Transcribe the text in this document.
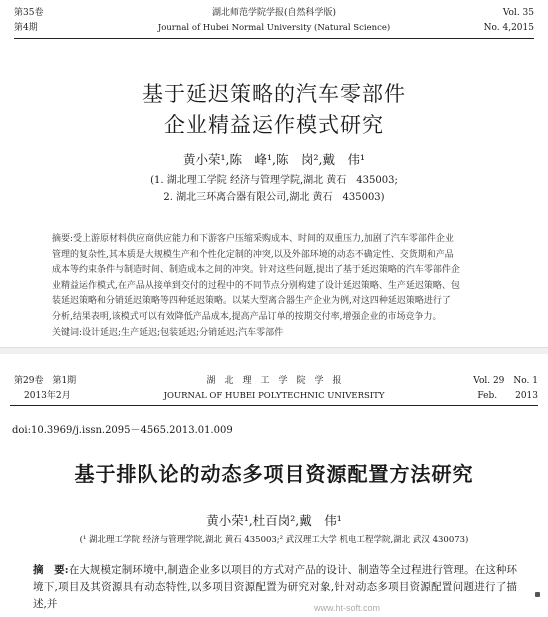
第35卷
第4期
湖北师范学院学报(自然科学版)
Journal of Hubei Normal University (Natural Science)
Vol. 35
No. 4,2015
基于延迟策略的汽车零部件
企业精益运作模式研究
黄小荣¹,陈　峰¹,陈　岗²,戴　伟¹
(1. 湖北理工学院 经济与管理学院,湖北 黄石　435003;
2. 湖北三环离合器有限公司,湖北 黄石　435003)
摘要:受上游原材料供应商供应能力和下游客户压缩采购成本、时间的双重压力,加剧了汽车零部件企业
管理的复杂性,其本质是大规模生产和个性化定制的冲突,以及外部环境的动态不确定性、交货期和产品
成本等约束条件与制造时间、制造成本之间的冲突。针对这些问题,提出了基于延迟策略的汽车零部件企
业精益运作模式,在产品从接单到交付的过程中的不同节点分别构建了设计延迟策略、生产延迟策略、包
装延迟策略和分销延迟策略等四种延迟策略。以某大型离合器生产企业为例,对这四种延迟策略进行了
分析,结果表明,该模式可以有效降低产品成本,提高产品订单的按期交付率,增强企业的市场竞争力。
关键词:设计延迟;生产延迟;包装延迟;分销延迟;汽车零部件
第29卷　第1期
2013年2月
湖　北　理　工　学　院　学　报
JOURNAL OF HUBEI POLYTECHNIC UNIVERSITY
Vol. 29　No. 1
Feb.　　2013
doi:10.3969/j.issn.2095－4565.2013.01.009
基于排队论的动态多项目资源配置方法研究
黄小荣¹,杜百岗²,戴　伟¹
(¹ 湖北理工学院 经济与管理学院,湖北 黄石 435003;² 武汉理工大学 机电工程学院,湖北 武汉 430073)
摘　要:在大规模定制环境中,制造企业多以项目的方式对产品的设计、制造等全过程进行管理。在这种环境下,项目及其资源具有动态特性,以多项目资源配置为研究对象,针对动态多项目资源配置问题进行了描述,并	www.ht-soft.com
